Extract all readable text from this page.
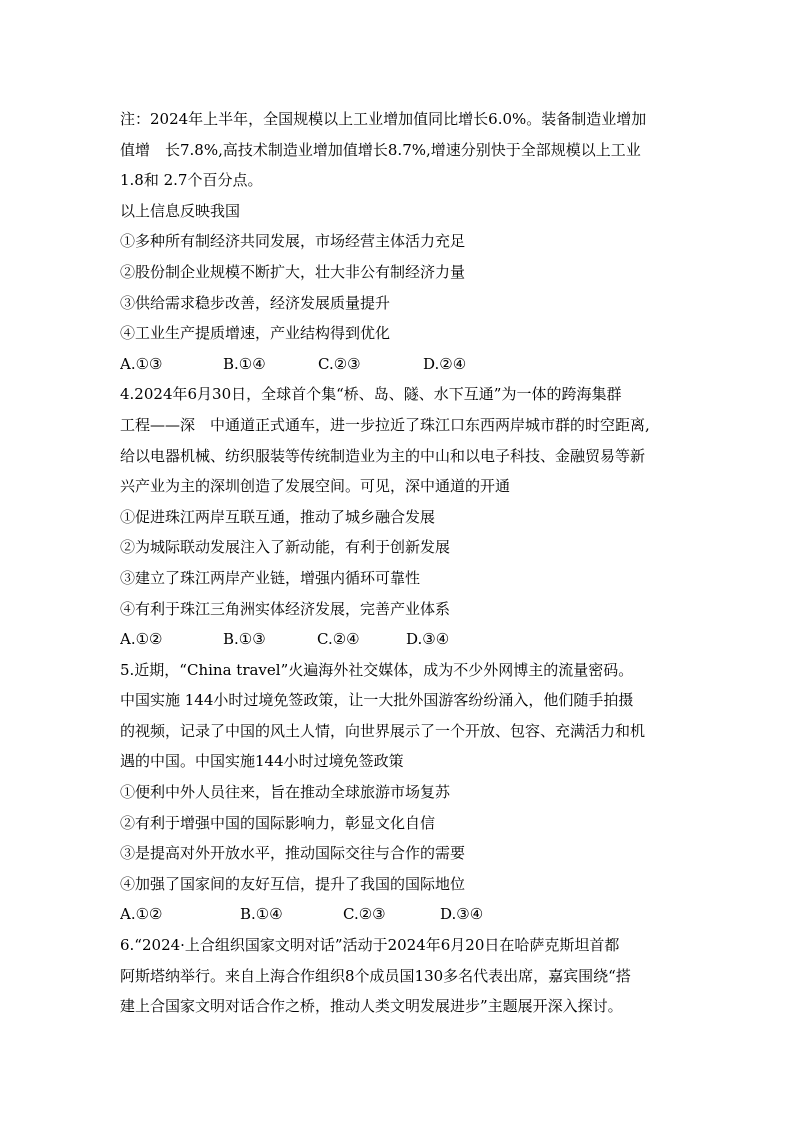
注：2024年上半年，全国规模以上工业增加值同比增长6.0%。装备制造业增加
值增　长7.8%,高技术制造业增加值增长8.7%,增速分别快于全部规模以上工业
1.8和 2.7个百分点。
以上信息反映我国
①多种所有制经济共同发展，市场经营主体活力充足
②股份制企业规模不断扩大，壮大非公有制经济力量
③供给需求稳步改善，经济发展质量提升
④工业生产提质增速，产业结构得到优化
A.①③	B.①④	C.②③	D.②④
4.2024年6月30日，全球首个集“桥、岛、隧、水下互通”为一体的跨海集群
工程——深　中通道正式通车，进一步拉近了珠江口东西两岸城市群的时空距离,
给以电器机械、纺织服装等传统制造业为主的中山和以电子科技、金融贸易等新
兴产业为主的深圳创造了发展空间。可见，深中通道的开通
①促进珠江两岸互联互通，推动了城乡融合发展
②为城际联动发展注入了新动能，有利于创新发展
③建立了珠江两岸产业链，增强内循环可靠性
④有利于珠江三角洲实体经济发展，完善产业体系
A.①②	B.①③	C.②④	D.③④
5.近期，“China travel”火遍海外社交媒体，成为不少外网博主的流量密码。
中国实施 144小时过境免签政策，让一大批外国游客纷纷涌入，他们随手拍摄
的视频，记录了中国的风土人情，向世界展示了一个开放、包容、充满活力和机
遇的中国。中国实施144小时过境免签政策
①便利中外人员往来，旨在推动全球旅游市场复苏
②有利于增强中国的国际影响力，彰显文化自信
③是提高对外开放水平，推动国际交往与合作的需要
④加强了国家间的友好互信，提升了我国的国际地位
A.①②	B.①④	C.②③	D.③④
6.“2024·上合组织国家文明对话”活动于2024年6月20日在哈萨克斯坦首都
阿斯塔纳举行。来自上海合作组织8个成员国130多名代表出席，嘉宾围绕“搭
建上合国家文明对话合作之桥，推动人类文明发展进步”主题展开深入探讨。
